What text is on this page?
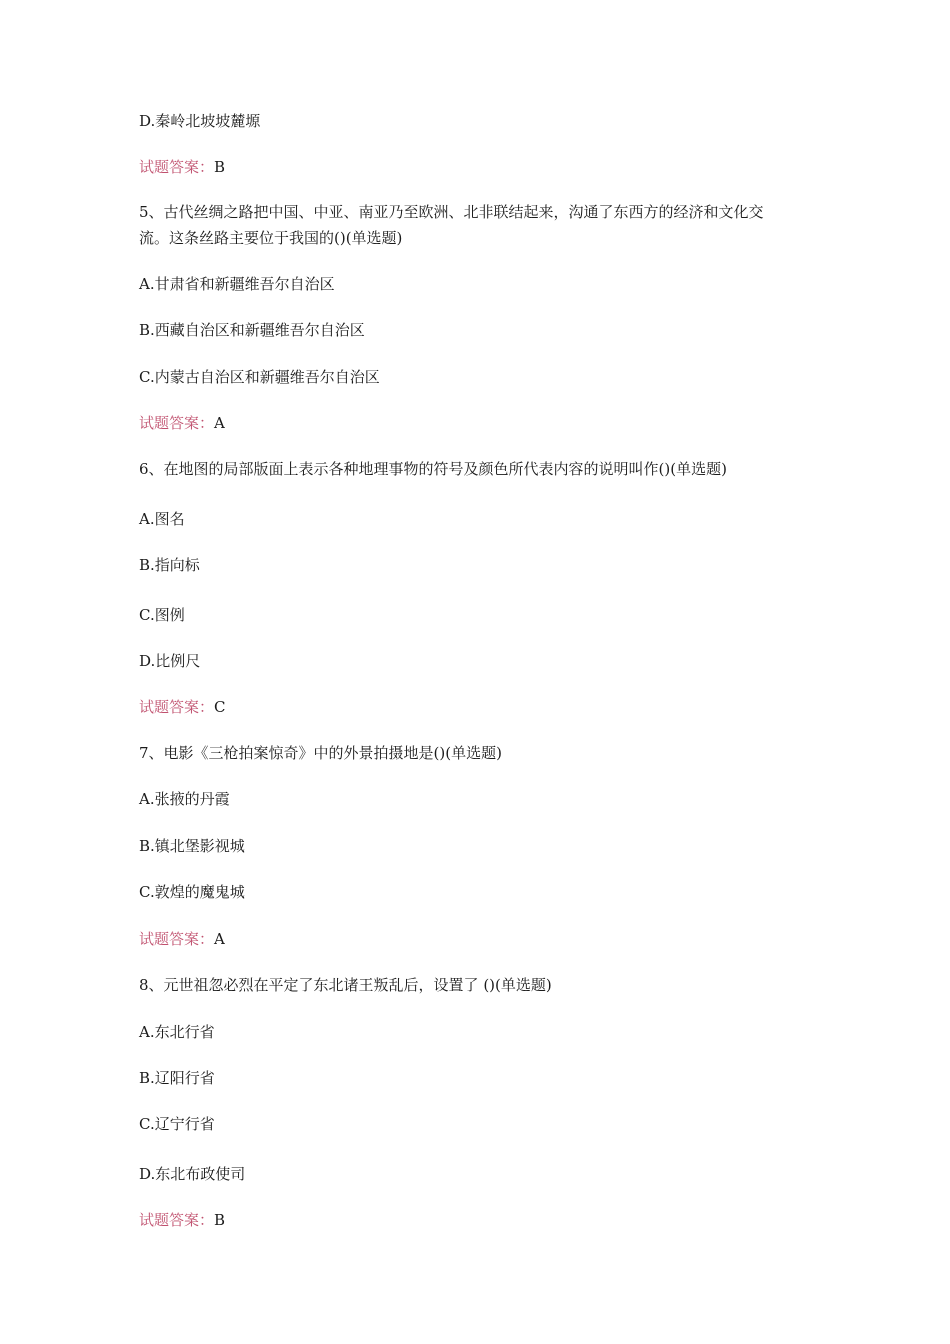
D.秦岭北坡坡麓塬
试题答案：B
5、古代丝绸之路把中国、中亚、南亚乃至欧洲、北非联结起来，沟通了东西方的经济和文化交
流。这条丝路主要位于我国的()(单选题)
A.甘肃省和新疆维吾尔自治区
B.西藏自治区和新疆维吾尔自治区
C.内蒙古自治区和新疆维吾尔自治区
试题答案：A
6、在地图的局部版面上表示各种地理事物的符号及颜色所代表内容的说明叫作()(单选题)
A.图名
B.指向标
C.图例
D.比例尺
试题答案：C
7、电影《三枪拍案惊奇》中的外景拍摄地是()(单选题)
A.张掖的丹霞
B.镇北堡影视城
C.敦煌的魔鬼城
试题答案：A
8、元世祖忽必烈在平定了东北诸王叛乱后，设置了 ()(单选题)
A.东北行省
B.辽阳行省
C.辽宁行省
D.东北布政使司
试题答案：B
